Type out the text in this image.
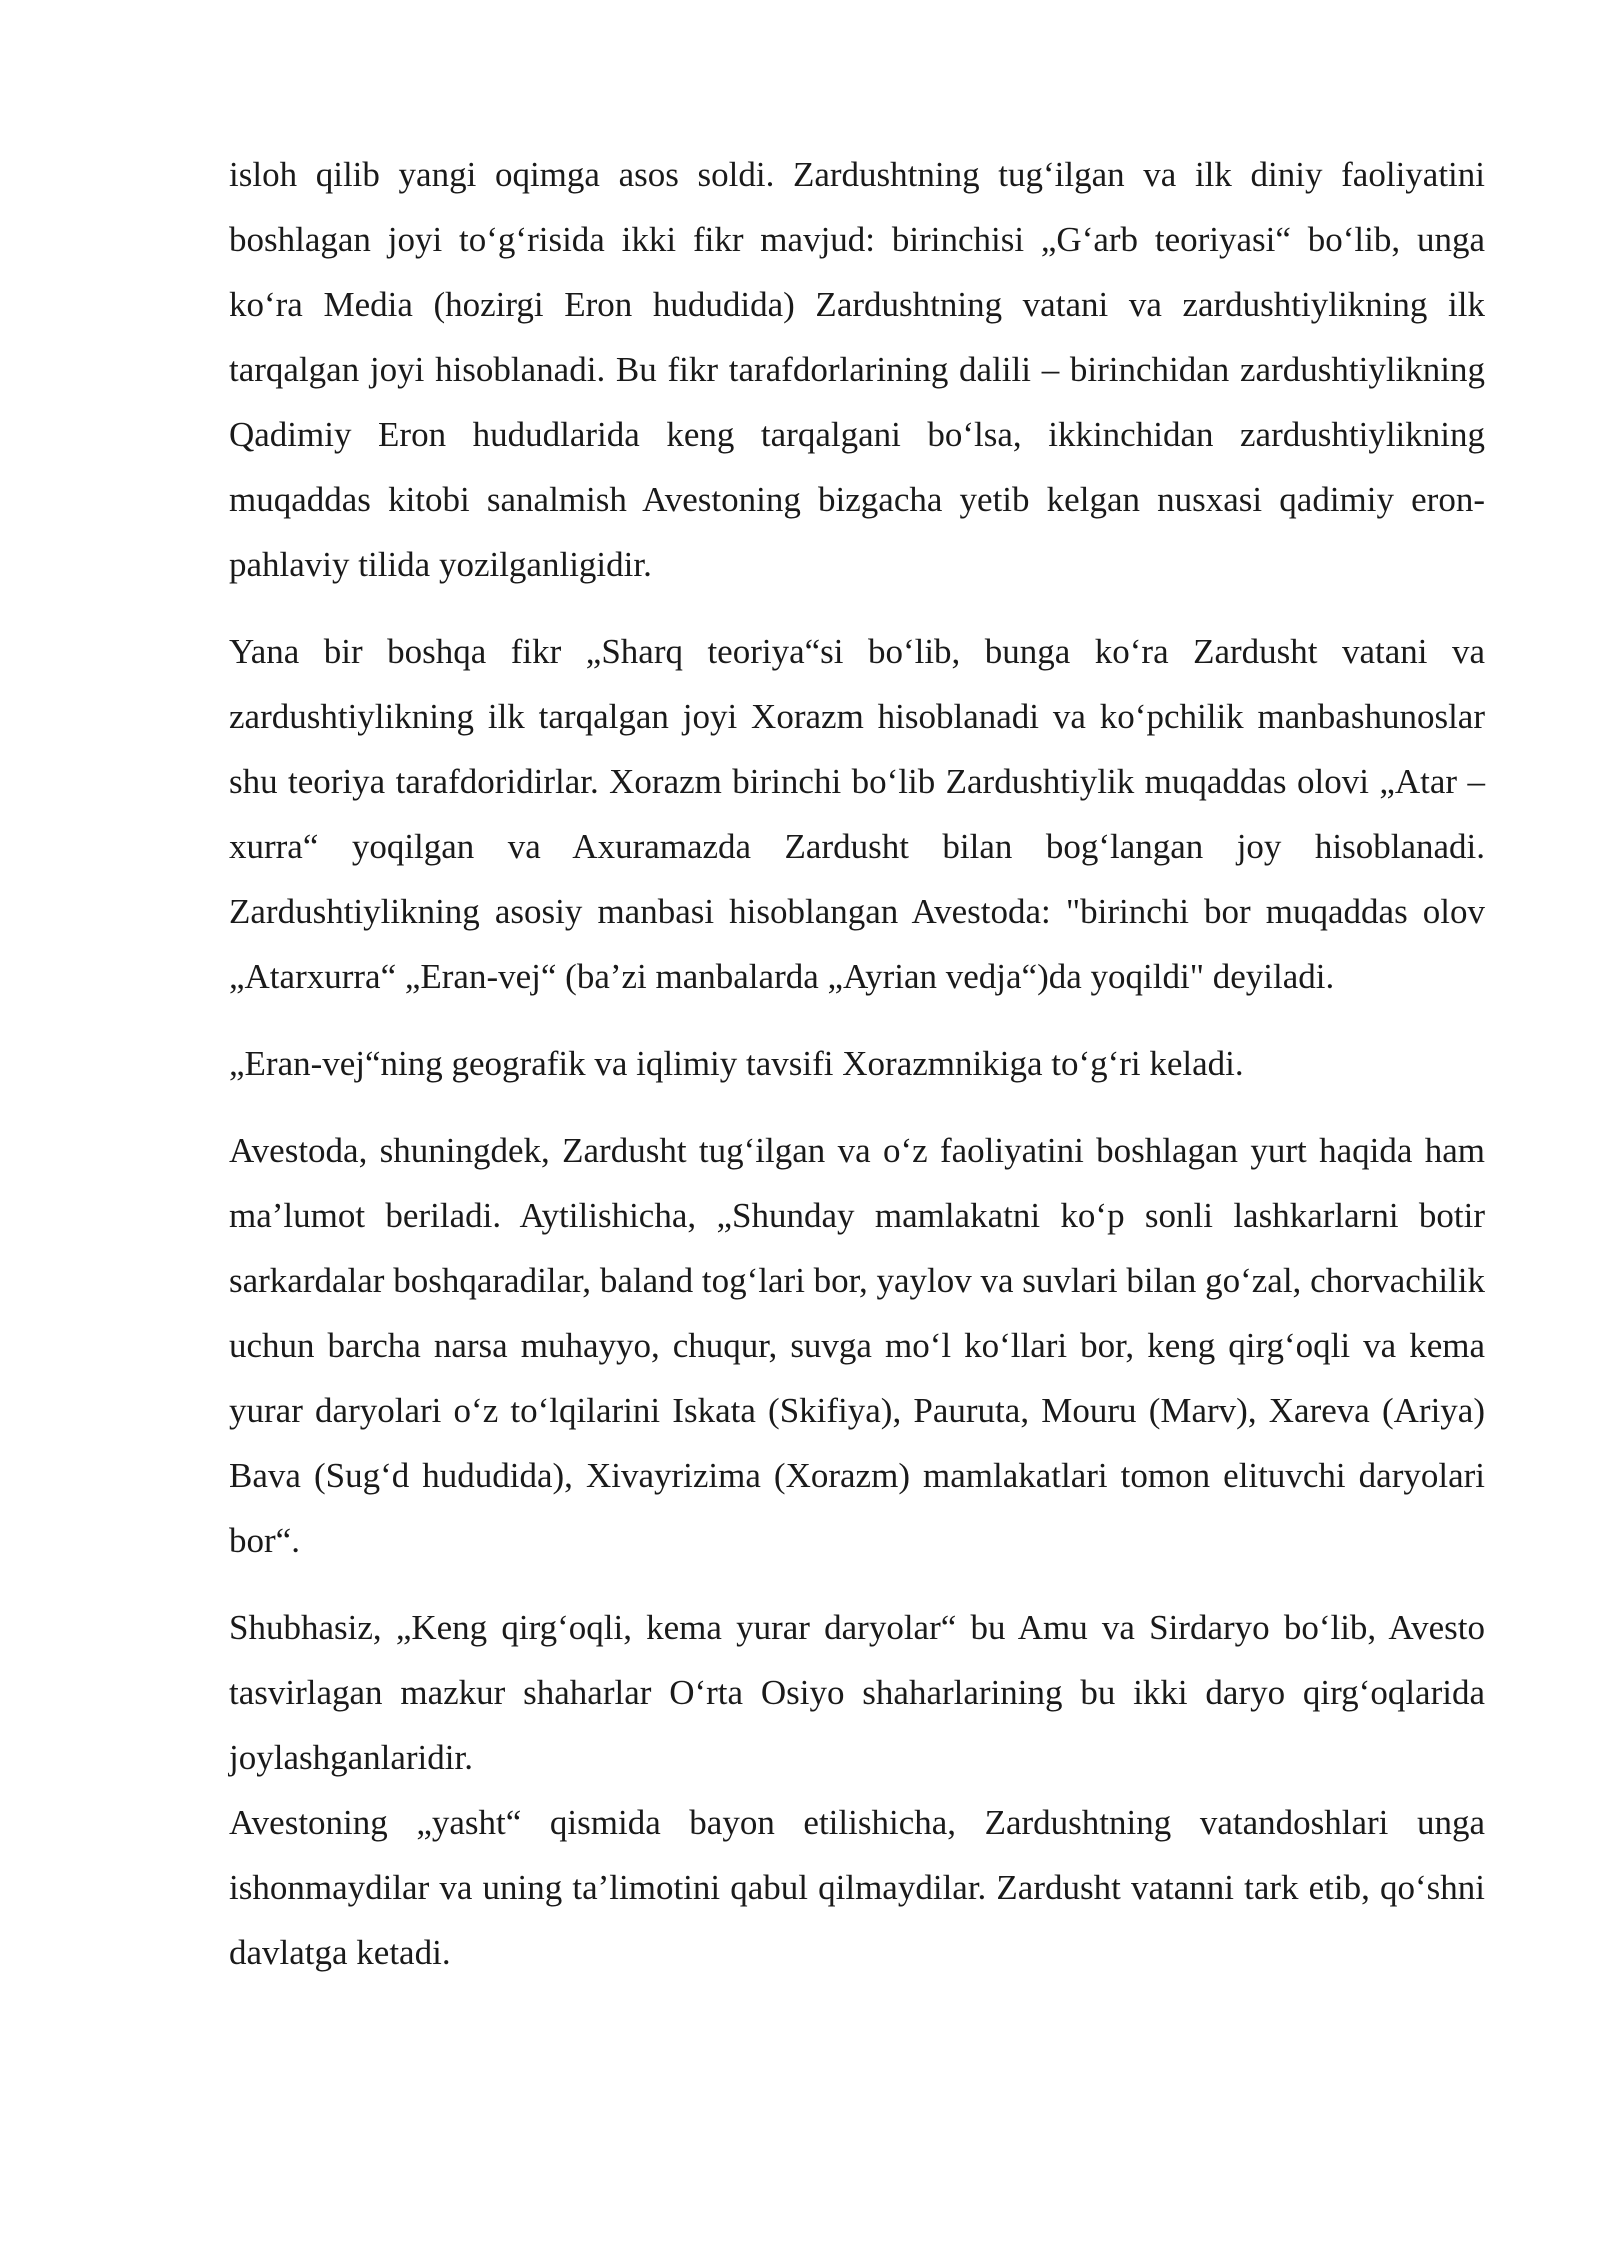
isloh qilib yangi oqimga asos soldi. Zardushtning tug‘ilgan va ilk diniy faoliyatini boshlagan joyi to‘g‘risida ikki fikr mavjud: birinchisi „G‘arb teoriyasi“ bo‘lib, unga ko‘ra Media (hozirgi Eron hududida) Zardushtning vatani va zardushtiylikning ilk tarqalgan joyi hisoblanadi. Bu fikr tarafdorlarining dalili – birinchidan zardushtiylikning Qadimiy Eron hududlarida keng tarqalgani bo‘lsa, ikkinchidan zardushtiylikning muqaddas kitobi sanalmish Avestoning bizgacha yetib kelgan nusxasi qadimiy eron-pahlaviy tilida yozilganligidir.

Yana bir boshqa fikr „Sharq teoriya“si bo‘lib, bunga ko‘ra Zardusht vatani va zardushtiylikning ilk tarqalgan joyi Xorazm hisoblanadi va ko‘pchilik manbashunoslar shu teoriya tarafdoridirlar. Xorazm birinchi bo‘lib Zardushtiylik muqaddas olovi „Atar – xurra“ yoqilgan va Axuramazda Zardusht bilan bog‘langan joy hisoblanadi. Zardushtiylikning asosiy manbasi hisoblangan Avestoda: "birinchi bor muqaddas olov „Atarxurra“ „Eran-vej“ (ba’zi manbalarda „Ayrian vedja“)da yoqildi" deyiladi.

„Eran-vej“ning geografik va iqlimiy tavsifi Xorazmnikiga to‘g‘ri keladi.

Avestoda, shuningdek, Zardusht tug‘ilgan va o‘z faoliyatini boshlagan yurt haqida ham ma’lumot beriladi. Aytilishicha, „Shunday mamlakatni ko‘p sonli lashkarlarni botir sarkardalar boshqaradilar, baland tog‘lari bor, yaylov va suvlari bilan go‘zal, chorvachilik uchun barcha narsa muhayyo, chuqur, suvga mo‘l ko‘llari bor, keng qirg‘oqli va kema yurar daryolari o‘z to‘lqilarini Iskata (Skifiya), Pauruta, Mouru (Marv), Xareva (Ariya) Bava (Sug‘d hududida), Xivayrizima (Xorazm) mamlakatlari tomon elituvchi daryolari bor“.

Shubhasiz, „Keng qirg‘oqli, kema yurar daryolar“ bu Amu va Sirdaryo bo‘lib, Avesto tasvirlagan mazkur shaharlar O‘rta Osiyo shaharlarining bu ikki daryo qirg‘oqlarida joylashganlaridir.

Avestoning „yasht“ qismida bayon etilishicha, Zardushtning vatandoshlari unga ishonmaydilar va uning ta’limotini qabul qilmaydilar. Zardusht vatanni tark etib, qo‘shni davlatga ketadi.
